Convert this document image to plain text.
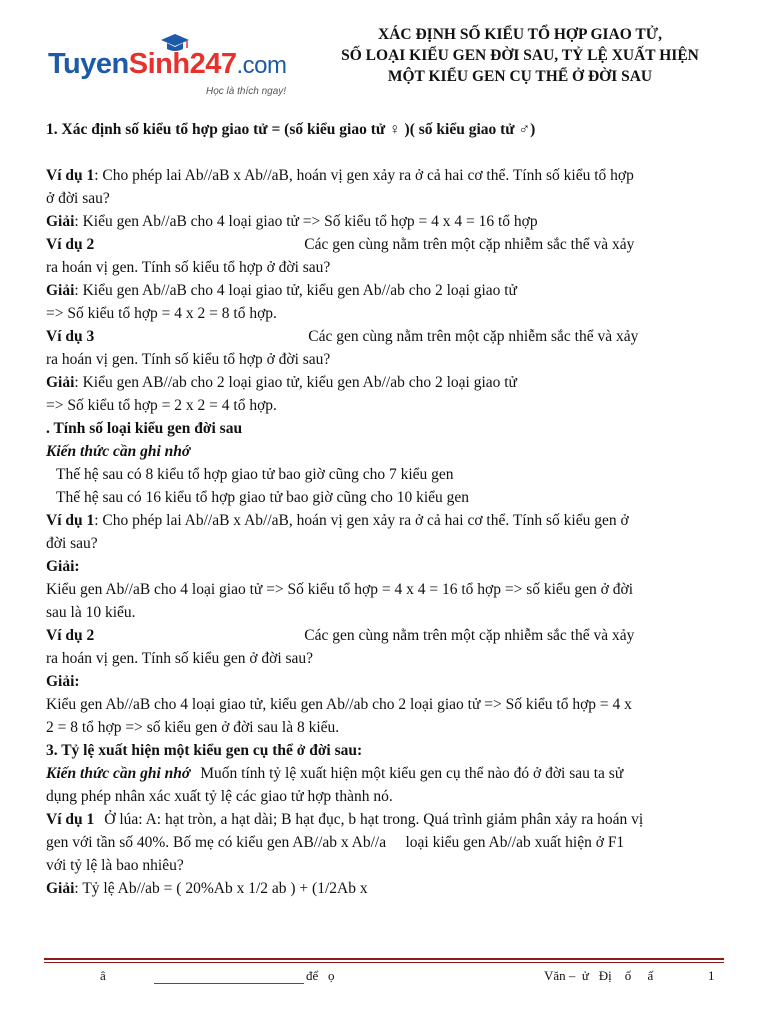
TuyenSinh247.com
Học là thích ngay!
XÁC ĐỊNH SỐ KIỂU TỔ HỢP GIAO TỬ,
SỐ LOẠI KIỂU GEN ĐỜI SAU, TỶ LỆ XUẤT HIỆN
MỘT KIỂU GEN CỤ THỂ Ở ĐỜI SAU
1. Xác định số kiểu tổ hợp giao tử = (số kiểu giao tử ♀ )( số kiểu giao tử ♂)
Ví dụ 1: Cho phép lai Ab//aB x Ab//aB, hoán vị gen xảy ra ở cả hai cơ thể. Tính số kiểu tổ hợp
ở đời sau?
Giải: Kiểu gen Ab//aB cho 4 loại giao tử => Số kiểu tổ hợp = 4 x 4 = 16 tổ hợp
Ví dụ 2	Các gen cùng nằm trên một cặp nhiễm sắc thể và xảy
ra hoán vị gen. Tính số kiểu tổ hợp ở đời sau?
Giải: Kiểu gen Ab//aB cho 4 loại giao tử, kiểu gen Ab//ab cho 2 loại giao tử
=> Số kiểu tổ hợp = 4 x 2 = 8 tổ hợp.
Ví dụ 3	Các gen cùng nằm trên một cặp nhiễm sắc thể và xảy
ra hoán vị gen. Tính số kiểu tổ hợp ở đời sau?
Giải: Kiểu gen AB//ab cho 2 loại giao tử, kiểu gen Ab//ab cho 2 loại giao tử
=> Số kiểu tổ hợp = 2 x 2 = 4 tổ hợp.
. Tính số loại kiểu gen đời sau
Kiến thức cần ghi nhớ
Thế hệ sau có 8 kiểu tổ hợp giao tử bao giờ cũng cho 7 kiểu gen
Thế hệ sau có 16 kiểu tổ hợp giao tử bao giờ cũng cho 10 kiểu gen
Ví dụ 1: Cho phép lai Ab//aB x Ab//aB, hoán vị gen xảy ra ở cả hai cơ thể. Tính số kiểu gen ở
đời sau?
Giải:
Kiểu gen Ab//aB cho 4 loại giao tử => Số kiểu tổ hợp = 4 x 4 = 16 tổ hợp => số kiểu gen ở đời
sau là 10 kiểu.
Ví dụ 2	Các gen cùng nằm trên một cặp nhiễm sắc thể và xảy
ra hoán vị gen. Tính số kiểu gen ở đời sau?
Giải:
Kiểu gen Ab//aB cho 4 loại giao tử, kiểu gen Ab//ab cho 2 loại giao tử => Số kiểu tổ hợp = 4 x
2 = 8 tổ hợp => số kiểu gen ở đời sau là 8 kiểu.
3. Tỷ lệ xuất hiện một kiểu gen cụ thể ở đời sau:
Kiến thức cần ghi nhớ Muốn tính tỷ lệ xuất hiện một kiểu gen cụ thể nào đó ở đời sau ta sử
dụng phép nhân xác xuất tỷ lệ các giao tử hợp thành nó.
Ví dụ 1 Ở lúa: A: hạt tròn, a hạt dài; B hạt đục, b hạt trong. Quá trình giảm phân xảy ra hoán vị
gen với tần số 40%. Bố mẹ có kiểu gen AB//ab x Ab//a     loại kiểu gen Ab//ab xuất hiện ở F1
với tỷ lệ là bao nhiêu?
Giải: Tỷ lệ Ab//ab = ( 20%Ab x 1/2 ab ) + (1/2Ab x
â	để   ọ	Văn –  ử   Đị    ố     ấ	1
